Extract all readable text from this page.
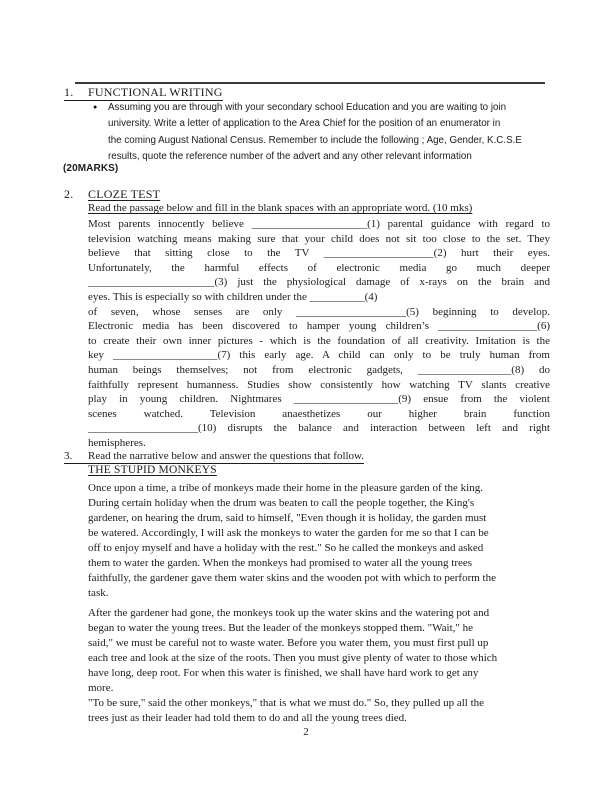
1. FUNCTIONAL WRITING
●	Assuming you are through with your secondary school Education and you are waiting to join
university. Write a letter of application to the Area Chief for the position of an enumerator in
the coming August National Census. Remember to include the following ; Age, Gender, K.C.S.E
results, quote the reference number of the advert and any other relevant information
(20MARKS)
2. CLOZE TEST
Read the passage below and fill in the blank spaces with an appropriate word. (10 mks)
Most parents innocently believe _____________________(1) parental guidance with regard to
television watching means making sure that your child does not sit too close to the set. They
believe that sitting close to the TV ____________________(2) hurt their eyes.
Unfortunately, the harmful effects of electronic media go much deeper
_______________________(3) just the physiological damage of x-rays on the brain and
eyes. This is especially so with children under the __________(4)
of seven, whose senses are only ____________________(5) beginning to develop.
Electronic media has been discovered to hamper young children’s __________________(6)
to create their own inner pictures - which is the foundation of all creativity. Imitation is the
key ___________________(7) this early age. A child can only to be truly human from
human beings themselves; not from electronic gadgets, _________________(8) do
faithfully represent humanness. Studies show consistently how watching TV slants creative
play in young children. Nightmares ___________________(9) ensue from the violent
scenes watched. Television anaesthetizes our higher brain function
____________________(10) disrupts the balance and interaction between left and right
hemispheres.
3. Read the narrative below and answer the questions that follow.
THE STUPID MONKEYS
Once upon a time, a tribe of monkeys made their home in the pleasure garden of the king.
During certain holiday when the drum was beaten to call the people together, the King's
gardener, on hearing the drum, said to himself, "Even though it is holiday, the garden must
be watered. Accordingly, I will ask the monkeys to water the garden for me so that I can be
off to enjoy myself and have a holiday with the rest." So he called the monkeys and asked
them to water the garden. When the monkeys had promised to water all the young trees
faithfully, the gardener gave them water skins and the wooden pot with which to perform the
task.
After the gardener had gone, the monkeys took up the water skins and the watering pot and
began to water the young trees. But the leader of the monkeys stopped them. "Wait," he
said," we must be careful not to waste water. Before you water them, you must first pull up
each tree and look at the size of the roots. Then you must give plenty of water to those which
have long, deep root. For when this water is finished, we shall have hard work to get any
more.
"To be sure," said the other monkeys," that is what we must do." So, they pulled up all the
trees just as their leader had told them to do and all the young trees died.
2
